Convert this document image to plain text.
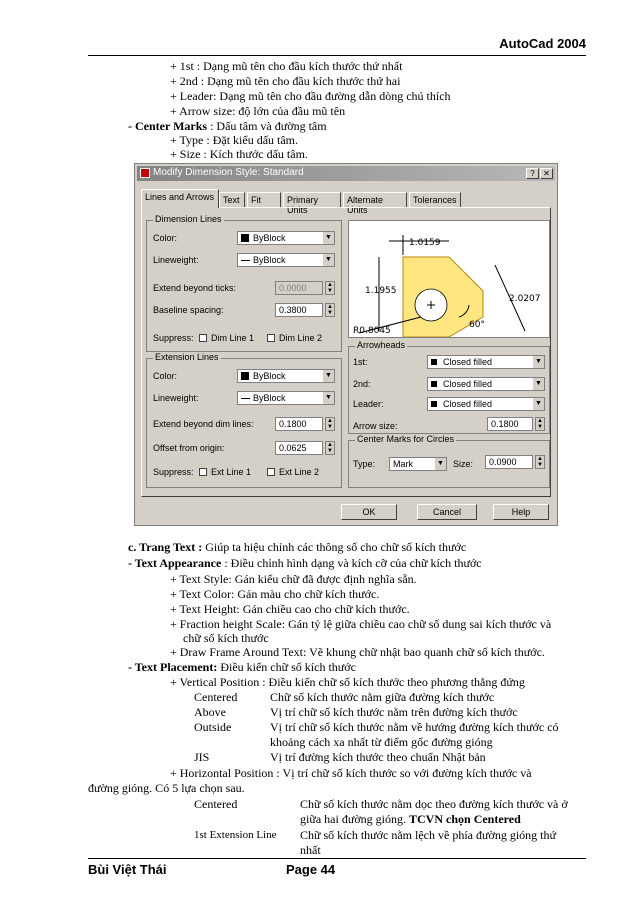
AutoCad 2004
+ 1st : Dạng mũ tên cho đầu kích thước thứ nhất
+ 2nd : Dạng mũ tên cho đầu kích thước thứ hai
+ Leader: Dạng mũ tên cho đầu đường dẫn dòng chú thích
+ Arrow size: độ lớn của đầu mũ tên
- Center Marks : Dấu tâm và đường tâm
+ Type : Đặt kiểu dấu tâm.
+ Size : Kích thước dấu tâm.
Modify Dimension Style: Standard	?	✕
Lines and Arrows Text	Fit	Primary Units
Alternate Units
Tolerances
Dimension Lines
Color:	ByBlock	▼
Lineweight:	ByBlock	▼
Extend beyond ticks:	0.0000	▲
▼
Baseline spacing:	0.3800	▲
▼
Suppress: Dim Line 1	Dim Line 2
Extension Lines
Color:	ByBlock	▼
Lineweight:	ByBlock	▼
Extend beyond dim lines:	0.1800	▲
▼
Offset from origin:	0.0625	▲
▼
Suppress: Ext Line 1	Ext Line 2
1.0159
1.1955
2.0207
60°
R0.8045
Arrowheads
1st:	Closed filled	▼
2nd:	Closed filled	▼
Leader:	Closed filled	▼
Arrow size:	0.1800	▲
▼
Center Marks for Circles
Type: Mark	▼ Size:	0.0900	▲
▼
OK	Cancel	Help
c. Trang Text : Giúp ta hiệu chỉnh các thông số cho chữ số kích thước
- Text Appearance : Điều chỉnh hình dạng và kích cỡ của chữ kích thước
+ Text Style: Gán kiểu chữ đã được định nghĩa sẵn.
+ Text Color: Gán màu cho chữ kích thước.
+ Text Height: Gán chiều cao cho chữ kích thước.
+ Fraction height Scale: Gán tỷ lệ giữa chiều cao chữ số dung sai kích thước và
chữ số kích thước
+ Draw Frame Around Text: Vẽ khung chữ nhật bao quanh chữ số kích thước.
- Text Placement: Điều kiển chữ số kích thước
+ Vertical Position : Điều kiển chữ số kích thước theo phương thẳng đứng
Centered	Chữ số kích thước nằm giữa đường kích thước
Above	Vị trí chữ số kích thước nằm trên đường kích thước
Outside	Vị trí chữ số kích thước nằm về hướng đường kích thước có
khoảng cách xa nhất từ điểm gốc đường gióng
JIS	Vị trí đường kích thước theo chuẩn Nhật bản
+ Horizontal Position : Vị trí chữ số kích thước so với đường kích thước và
đường gióng. Có 5 lựa chọn sau.
Centered	Chữ số kích thước nằm dọc theo đường kích thước và ở
giữa hai đường gióng. TCVN chọn Centered
1st Extension Line Chữ số kích thước nằm lệch về phía đường gióng thứ
nhất
Bùi Việt Thái	Page 44
